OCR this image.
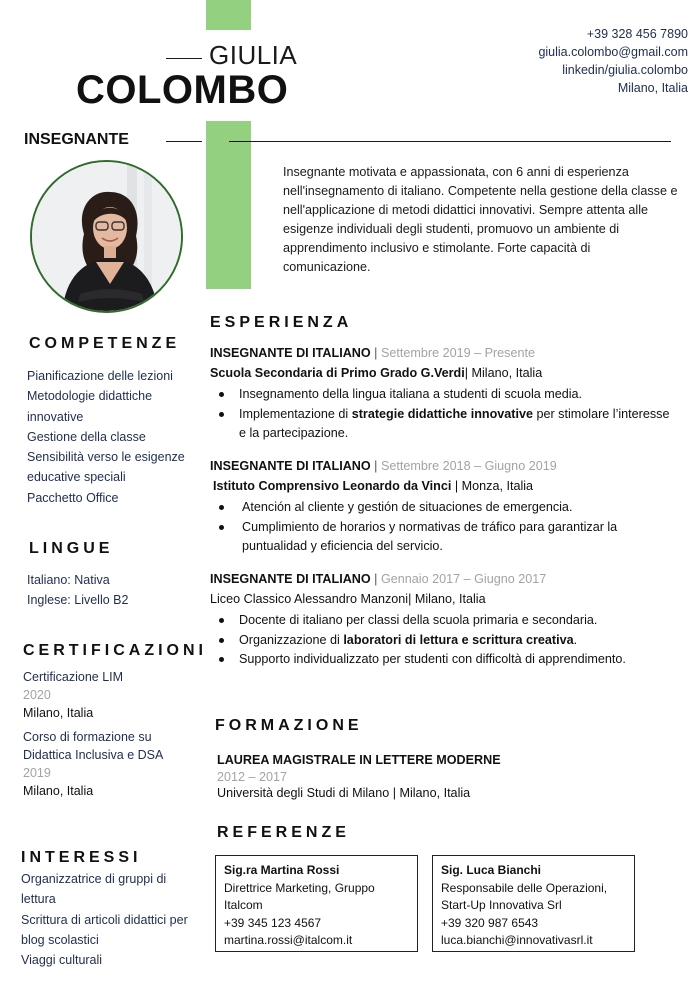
GIULIA
COLOMBO
INSEGNANTE
+39 328 456 7890
giulia.colombo@gmail.com
linkedin/giulia.colombo
Milano, Italia
Insegnante motivata e appassionata, con 6 anni di esperienza nell'insegnamento di italiano. Competente nella gestione della classe e nell'applicazione di metodi didattici innovativi. Sempre attenta alle esigenze individuali degli studenti, promuovo un ambiente di apprendimento inclusivo e stimolante. Forte capacità di comunicazione.
COMPETENZE
Pianificazione delle lezioni
Metodologie didattiche innovative
Gestione della classe
Sensibilità verso le esigenze educative speciali
Pacchetto Office
LINGUE
Italiano: Nativa
Inglese: Livello B2
CERTIFICAZIONI
Certificazione LIM
2020
Milano, Italia
Corso di formazione su Didattica Inclusiva e DSA
2019
Milano, Italia
INTERESSI
Organizzatrice di gruppi di lettura
Scrittura di articoli didattici per blog scolastici
Viaggi culturali
ESPERIENZA
INSEGNANTE DI ITALIANO | Settembre 2019 – Presente
Scuola Secondaria di Primo Grado G.Verdi| Milano, Italia
Insegnamento della lingua italiana a studenti di scuola media.
Implementazione di strategie didattiche innovative per stimolare l’interesse e la partecipazione.
INSEGNANTE DI ITALIANO | Settembre 2018 – Giugno 2019
Istituto Comprensivo Leonardo da Vinci | Monza, Italia
Atención al cliente y gestión de situaciones de emergencia.
Cumplimiento de horarios y normativas de tráfico para garantizar la puntualidad y eficiencia del servicio.
INSEGNANTE DI ITALIANO | Gennaio 2017 – Giugno 2017
Liceo Classico Alessandro Manzoni| Milano, Italia
Docente di italiano per classi della scuola primaria e secondaria.
Organizzazione di laboratori di lettura e scrittura creativa.
Supporto individualizzato per studenti con difficoltà di apprendimento.
FORMAZIONE
LAUREA MAGISTRALE IN LETTERE MODERNE
2012 – 2017
Università degli Studi di Milano | Milano, Italia
REFERENZE
Sig.ra Martina Rossi
Direttrice Marketing, Gruppo Italcom
+39 345 123 4567
martina.rossi@italcom.it
Sig. Luca Bianchi
Responsabile delle Operazioni, Start-Up Innovativa Srl
+39 320 987 6543
luca.bianchi@innovativasrl.it
